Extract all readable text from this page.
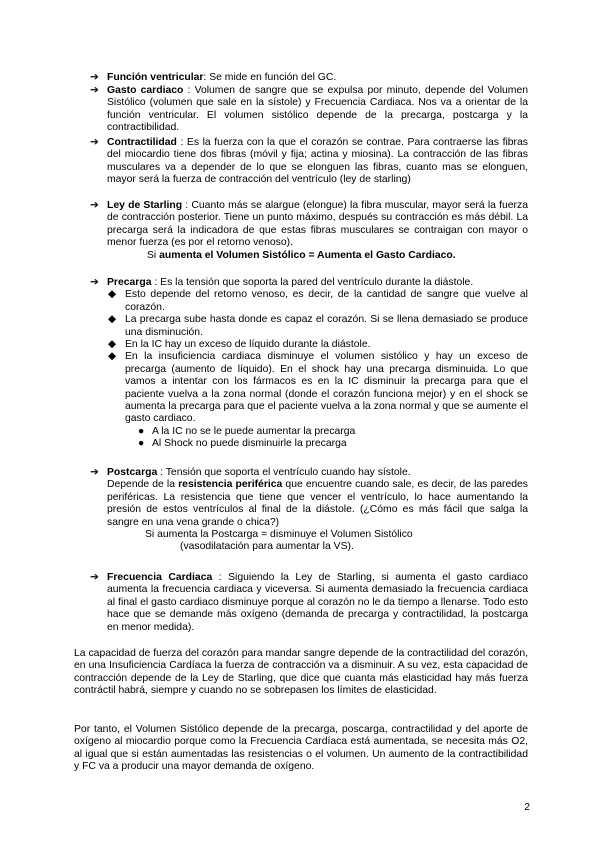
➔ Función ventricular: Se mide en función del GC.
➔ Gasto cardiaco : Volumen de sangre que se expulsa por minuto, depende del Volumen Sistólico (volumen que sale en la sístole) y Frecuencia Cardiaca. Nos va a orientar de la función ventricular. El volumen sistólico depende de la precarga, postcarga y la contractibilidad.
➔ Contractilidad : Es la fuerza con la que el corazón se contrae. Para contraerse las fibras del miocardio tiene dos fibras (móvil y fija; actina y miosina). La contracción de las fibras musculares va a depender de lo que se elonguen las fibras, cuanto mas se elonguen, mayor será la fuerza de contracción del ventrículo (ley de starling)
➔ Ley de Starling : Cuanto más se alargue (elongue) la fibra muscular, mayor será la fuerza de contracción posterior. Tiene un punto máximo, después su contracción es más débil. La precarga será la indicadora de que estas fibras musculares se contraigan con mayor o menor fuerza (es por el retorno venoso).
Si aumenta el Volumen Sistólico = Aumenta el Gasto Cardiaco.
➔ Precarga : Es la tensión que soporta la pared del ventrículo durante la diástole.
◆ Esto depende del retorno venoso, es decir, de la cantidad de sangre que vuelve al corazón.
◆ La precarga sube hasta donde es capaz el corazón. Si se llena demasiado se produce una disminución.
◆ En la IC hay un exceso de líquido durante la diástole.
◆ En la insuficiencia cardiaca disminuye el volumen sistólico y hay un exceso de precarga (aumento de líquido). En el shock hay una precarga disminuida. Lo que vamos a intentar con los fármacos es en la IC disminuir la precarga para que el paciente vuelva a la zona normal (donde el corazón funciona mejor) y en el shock se aumenta la precarga para que el paciente vuelva a la zona normal y que se aumente el gasto cardiaco.
● A la IC no se le puede aumentar la precarga
● Al Shock no puede disminuirle la precarga
➔ Postcarga : Tensión que soporta el ventrículo cuando hay sístole.
Depende de la resistencia periférica que encuentre cuando sale, es decir, de las paredes periféricas. La resistencia que tiene que vencer el ventrículo, lo hace aumentando la presión de estos ventrículos al final de la diástole. (¿Cómo es más fácil que salga la sangre en una vena grande o chica?)
Si aumenta la Postcarga = disminuye el Volumen Sistólico
(vasodilatación para aumentar la VS).
➔ Frecuencia Cardiaca : Siguiendo la Ley de Starling, si aumenta el gasto cardiaco aumenta la frecuencia cardiaca y viceversa. Si aumenta demasiado la frecuencia cardiaca al final el gasto cardiaco disminuye porque al corazón no le da tiempo a llenarse. Todo esto hace que se demande más oxígeno (demanda de precarga y contractilidad, la postcarga en menor medida).

La capacidad de fuerza del corazón para mandar sangre depende de la contractilidad del corazón, en una Insuficiencia Cardíaca la fuerza de contracción va a disminuir. A su vez, esta capacidad de contracción depende de la Ley de Starling, que dice que cuanta más elasticidad hay más fuerza contráctil habrá, siempre y cuando no se sobrepasen los límites de elasticidad.

Por tanto, el Volumen Sistólico depende de la precarga, poscarga, contractilidad y del aporte de oxígeno al miocardio porque como la Frecuencia Cardíaca está aumentada, se necesita más O2, al igual que si están aumentadas las resistencias o el volumen. Un aumento de la contractibilidad y FC va a producir una mayor demanda de oxígeno.

2
